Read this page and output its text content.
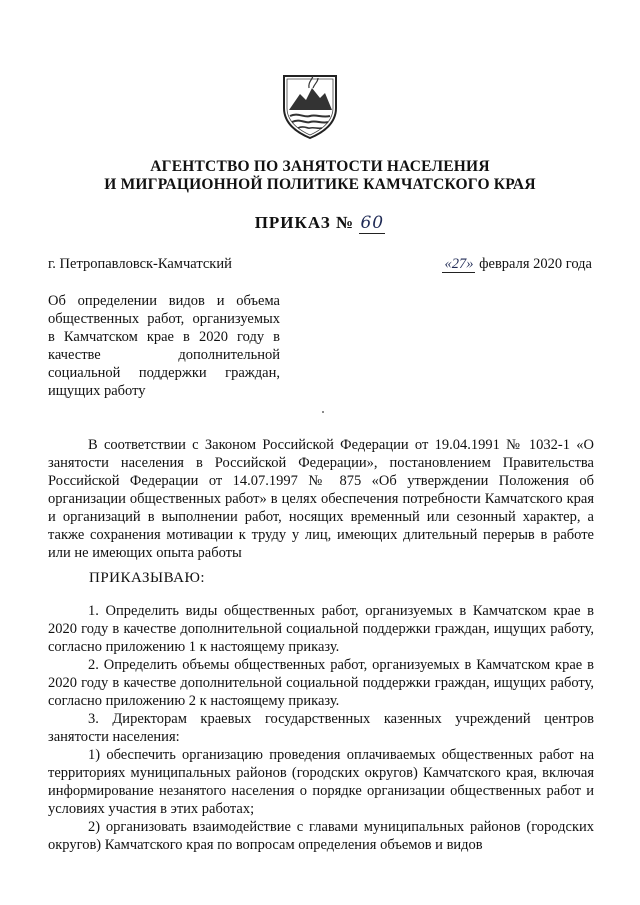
АГЕНТСТВО ПО ЗАНЯТОСТИ НАСЕЛЕНИЯ
И МИГРАЦИОННОЙ ПОЛИТИКЕ КАМЧАТСКОГО КРАЯ
ПРИКАЗ № 60
г. Петропавловск-Камчатский	«27» февраля 2020 года
Об определении видов и объема общественных работ, организуемых в Камчатском крае в 2020 году в качестве дополнительной социальной поддержки граждан, ищущих работу
В соответствии с Законом Российской Федерации от 19.04.1991 № 1032-1 «О занятости населения в Российской Федерации», постановлением Правительства Российской Федерации от 14.07.1997 № 875 «Об утверждении Положения об организации общественных работ» в целях обеспечения потребности Камчатского края и организаций в выполнении работ, носящих временный или сезонный характер, а также сохранения мотивации к труду у лиц, имеющих длительный перерыв в работе или не имеющих опыта работы
ПРИКАЗЫВАЮ:
1. Определить виды общественных работ, организуемых в Камчатском крае в 2020 году в качестве дополнительной социальной поддержки граждан, ищущих работу, согласно приложению 1 к настоящему приказу.
2. Определить объемы общественных работ, организуемых в Камчатском крае в 2020 году в качестве дополнительной социальной поддержки граждан, ищущих работу, согласно приложению 2 к настоящему приказу.
3. Директорам краевых государственных казенных учреждений центров занятости населения:
1) обеспечить организацию проведения оплачиваемых общественных работ на территориях муниципальных районов (городских округов) Камчатского края, включая информирование незанятого населения о порядке организации общественных работ и условиях участия в этих работах;
2) организовать взаимодействие с главами муниципальных районов (городских округов) Камчатского края по вопросам определения объемов и видов
